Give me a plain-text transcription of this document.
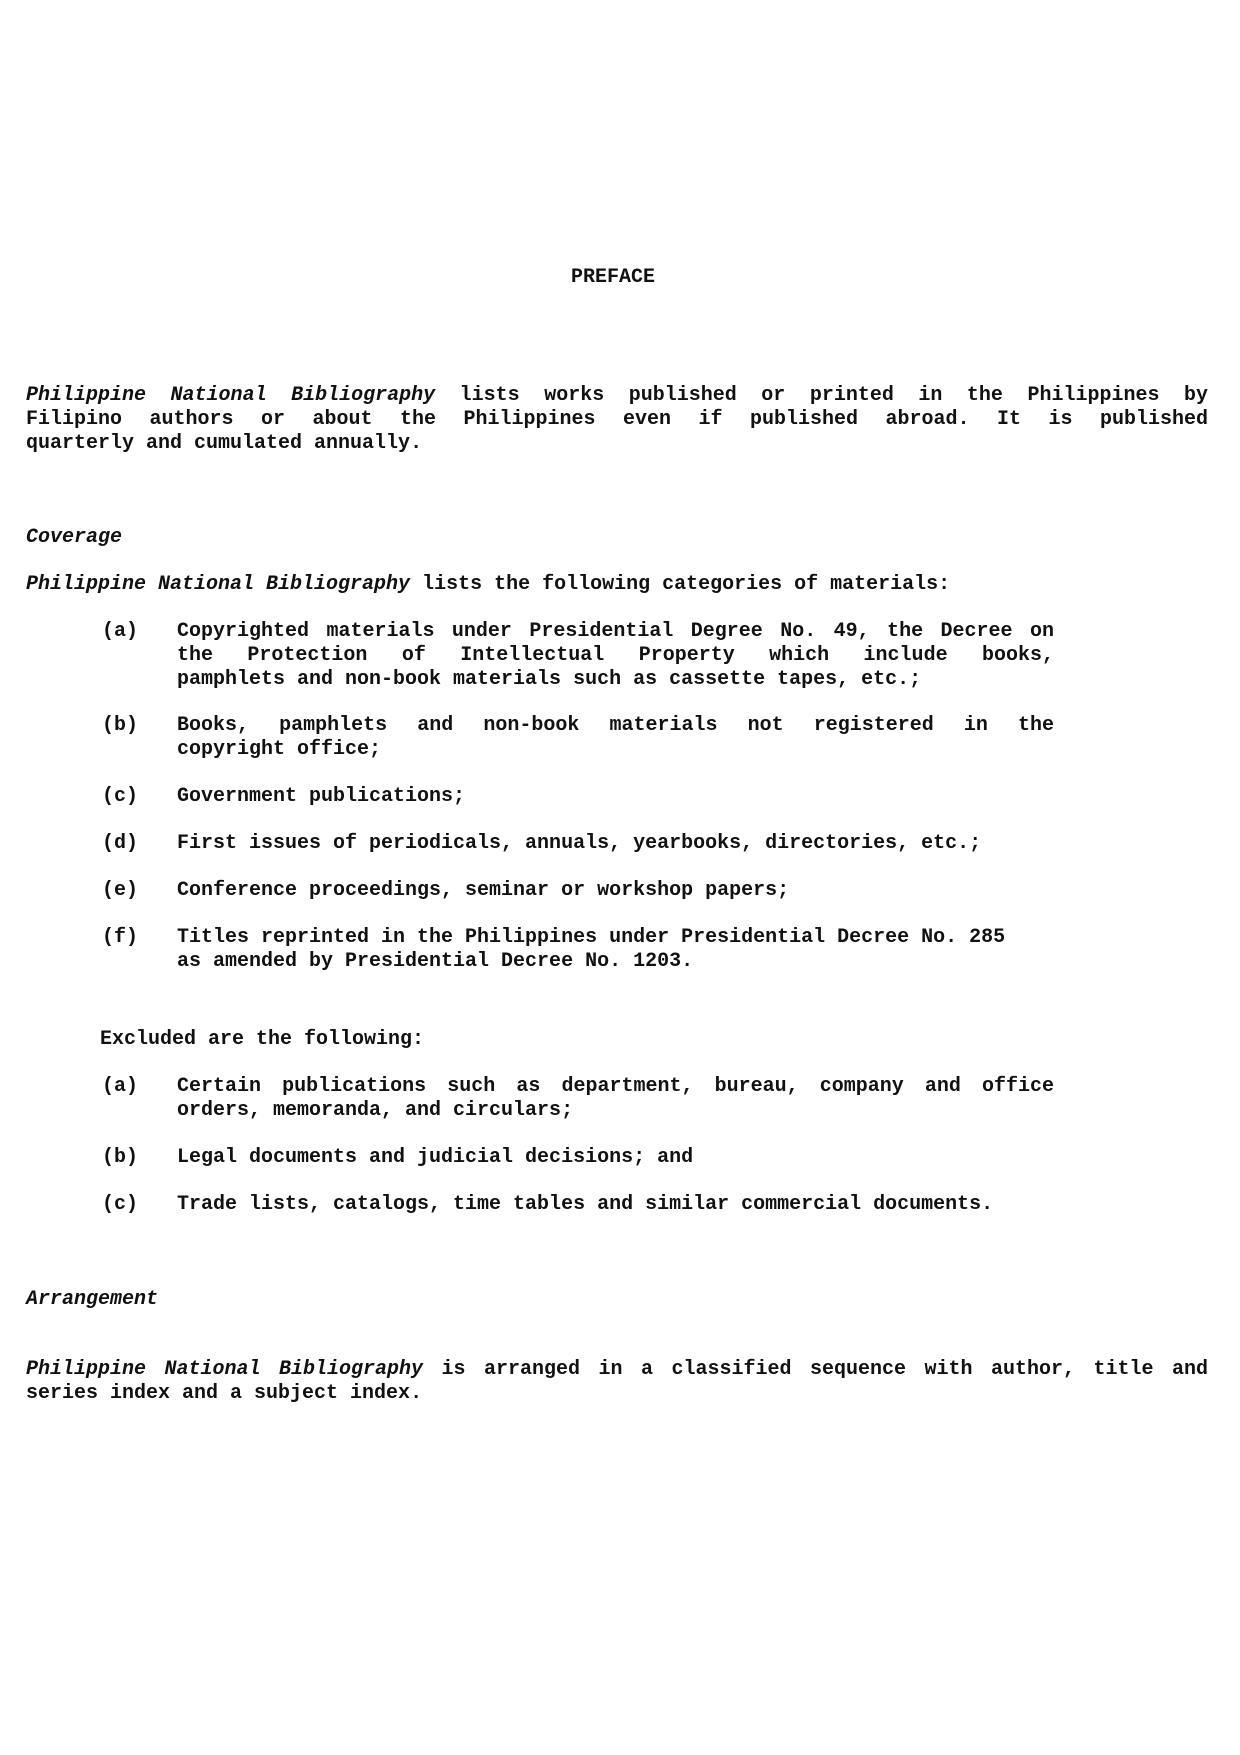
PREFACE
Philippine National Bibliography lists works published or printed in the Philippines by
Filipino authors or about the Philippines even if published abroad. It is published
quarterly and cumulated annually.
Coverage
Philippine National Bibliography lists the following categories of materials:
(a)	Copyrighted materials under Presidential Degree No. 49, the Decree on
the Protection of Intellectual Property which include books,
pamphlets and non-book materials such as cassette tapes, etc.;
(b)	Books, pamphlets and non-book materials not registered in the
copyright office;
(c)	Government publications;
(d)	First issues of periodicals, annuals, yearbooks, directories, etc.;
(e)	Conference proceedings, seminar or workshop papers;
(f)	Titles reprinted in the Philippines under Presidential Decree No. 285
as amended by Presidential Decree No. 1203.
Excluded are the following:
(a)	Certain publications such as department, bureau, company and office
orders, memoranda, and circulars;
(b)	Legal documents and judicial decisions; and
(c)	Trade lists, catalogs, time tables and similar commercial documents.
Arrangement
Philippine National Bibliography is arranged in a classified sequence with author, title and
series index and a subject index.
